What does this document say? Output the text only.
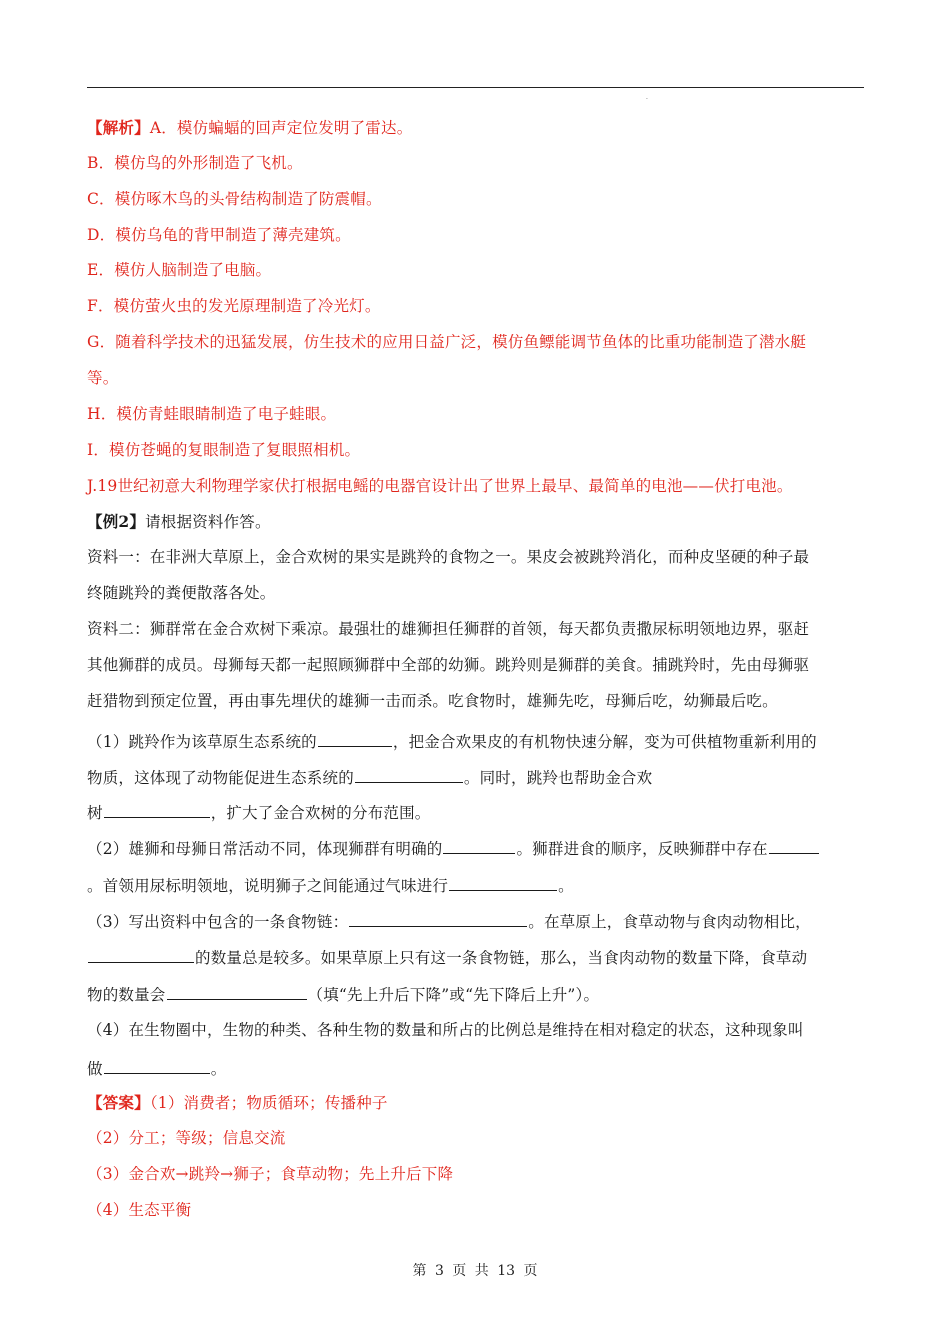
·
【解析】A．模仿蝙蝠的回声定位发明了雷达。
B．模仿鸟的外形制造了飞机。
C．模仿啄木鸟的头骨结构制造了防震帽。
D．模仿乌龟的背甲制造了薄壳建筑。
E．模仿人脑制造了电脑。
F．模仿萤火虫的发光原理制造了冷光灯。
G．随着科学技术的迅猛发展，仿生技术的应用日益广泛，模仿鱼鳔能调节鱼体的比重功能制造了潜水艇
等。
H．模仿青蛙眼睛制造了电子蛙眼。
I．模仿苍蝇的复眼制造了复眼照相机。
J.19世纪初意大利物理学家伏打根据电鳐的电器官设计出了世界上最早、最简单的电池——伏打电池。
【例2】请根据资料作答。
资料一：在非洲大草原上，金合欢树的果实是跳羚的食物之一。果皮会被跳羚消化，而种皮坚硬的种子最
终随跳羚的粪便散落各处。
资料二：狮群常在金合欢树下乘凉。最强壮的雄狮担任狮群的首领，每天都负责撒尿标明领地边界，驱赶
其他狮群的成员。母狮每天都一起照顾狮群中全部的幼狮。跳羚则是狮群的美食。捕跳羚时，先由母狮驱
赶猎物到预定位置，再由事先埋伏的雄狮一击而杀。吃食物时，雄狮先吃，母狮后吃，幼狮最后吃。
（1）跳羚作为该草原生态系统的	，把金合欢果皮的有机物快速分解，变为可供植物重新利用的
物质，这体现了动物能促进生态系统的	。同时，跳羚也帮助金合欢
树	，扩大了金合欢树的分布范围。
（2）雄狮和母狮日常活动不同，体现狮群有明确的	。狮群进食的顺序，反映狮群中存在
。首领用尿标明领地，说明狮子之间能通过气味进行	。
（3）写出资料中包含的一条食物链：	。在草原上，食草动物与食肉动物相比，
的数量总是较多。如果草原上只有这一条食物链，那么，当食肉动物的数量下降，食草动
物的数量会	（填“先上升后下降”或“先下降后上升”）。
（4）在生物圈中，生物的种类、各种生物的数量和所占的比例总是维持在相对稳定的状态，这种现象叫
做	。
【答案】（1）消费者；物质循环；传播种子
（2）分工；等级；信息交流
（3）金合欢→跳羚→狮子；食草动物；先上升后下降
（4）生态平衡
第 3 页 共 13 页
